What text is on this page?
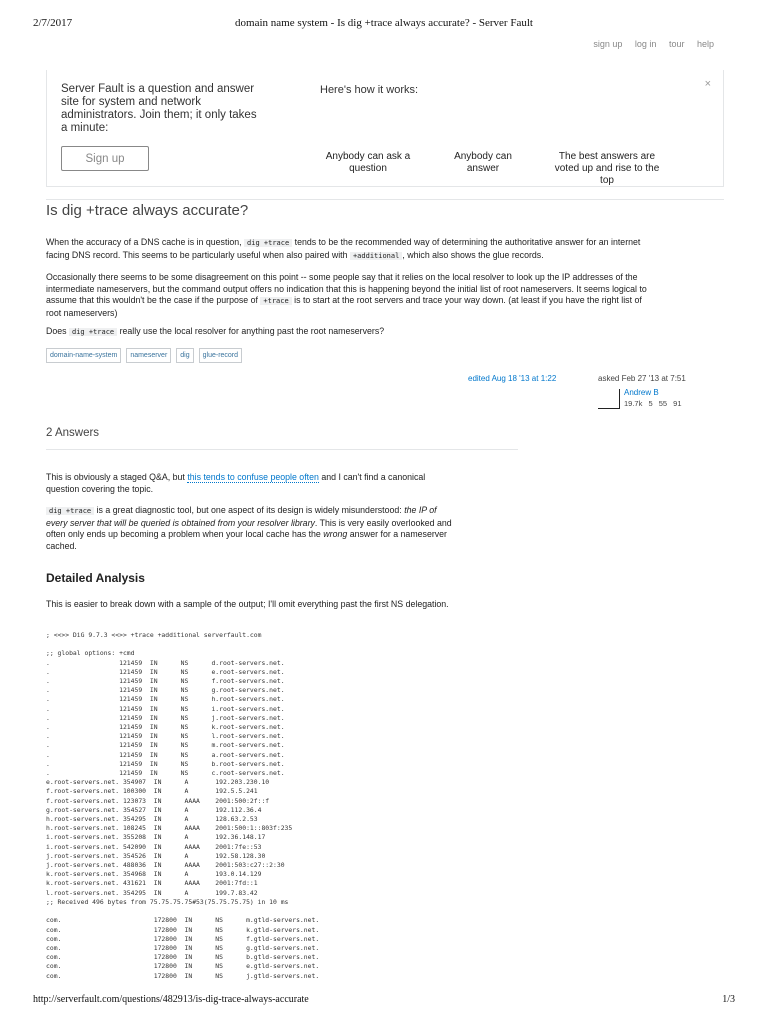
2/7/2017	domain name system - Is dig +trace always accurate? - Server Fault
sign up log in tour help
Server Fault is a question and answer site for system and network administrators. Join them; it only takes a minute:
Sign up
Here's how it works:	×
Anybody can ask a question
Anybody can answer
The best answers are voted up and rise to the top
Is dig +trace always accurate?
When the accuracy of a DNS cache is in question, dig +trace tends to be the recommended way of determining the authoritative answer for an internet facing DNS record. This seems to be particularly useful when also paired with +additional , which also shows the glue records.
Occasionally there seems to be some disagreement on this point -- some people say that it relies on the local resolver to look up the IP addresses of the intermediate nameservers, but the command output offers no indication that this is happening beyond the initial list of root nameservers. It seems logical to assume that this wouldn't be the case if the purpose of +trace is to start at the root servers and trace your way down. (at least if you have the right list of root nameservers)
Does dig +trace really use the local resolver for anything past the root nameservers?
domain-name-system	nameserver	dig	glue-record
edited Aug 18 '13 at 1:22	asked Feb 27 '13 at 7:51
Andrew B
19.7k 5 55 91
2 Answers
This is obviously a staged Q&A, but this tends to confuse people often and I can't find a canonical question covering the topic.
dig +trace is a great diagnostic tool, but one aspect of its design is widely misunderstood: the IP of every server that will be queried is obtained from your resolver library. This is very easily overlooked and often only ends up becoming a problem when your local cache has the wrong answer for a nameserver cached.
Detailed Analysis
This is easier to break down with a sample of the output; I'll omit everything past the first NS delegation.
; <<>> DiG 9.7.3 <<>> +trace +additional serverfault.com

;; global options: +cmd
.                  121459  IN      NS      d.root-servers.net.
.                  121459  IN      NS      e.root-servers.net.
.                  121459  IN      NS      f.root-servers.net.
.                  121459  IN      NS      g.root-servers.net.
.                  121459  IN      NS      h.root-servers.net.
.                  121459  IN      NS      i.root-servers.net.
.                  121459  IN      NS      j.root-servers.net.
.                  121459  IN      NS      k.root-servers.net.
.                  121459  IN      NS      l.root-servers.net.
.                  121459  IN      NS      m.root-servers.net.
.                  121459  IN      NS      a.root-servers.net.
.                  121459  IN      NS      b.root-servers.net.
.                  121459  IN      NS      c.root-servers.net.
e.root-servers.net. 354907  IN      A       192.203.230.10
f.root-servers.net. 100300  IN      A       192.5.5.241
f.root-servers.net. 123073  IN      AAAA    2001:500:2f::f
g.root-servers.net. 354527  IN      A       192.112.36.4
h.root-servers.net. 354295  IN      A       128.63.2.53
h.root-servers.net. 108245  IN      AAAA    2001:500:1::803f:235
i.root-servers.net. 355208  IN      A       192.36.148.17
i.root-servers.net. 542090  IN      AAAA    2001:7fe::53
j.root-servers.net. 354526  IN      A       192.58.128.30
j.root-servers.net. 488036  IN      AAAA    2001:503:c27::2:30
k.root-servers.net. 354968  IN      A       193.0.14.129
k.root-servers.net. 431621  IN      AAAA    2001:7fd::1
l.root-servers.net. 354295  IN      A       199.7.83.42
;; Received 496 bytes from 75.75.75.75#53(75.75.75.75) in 10 ms

com.                        172800  IN      NS      m.gtld-servers.net.
com.                        172800  IN      NS      k.gtld-servers.net.
com.                        172800  IN      NS      f.gtld-servers.net.
com.                        172800  IN      NS      g.gtld-servers.net.
com.                        172800  IN      NS      b.gtld-servers.net.
com.                        172800  IN      NS      e.gtld-servers.net.
com.                        172800  IN      NS      j.gtld-servers.net.
http://serverfault.com/questions/482913/is-dig-trace-always-accurate	1/3
